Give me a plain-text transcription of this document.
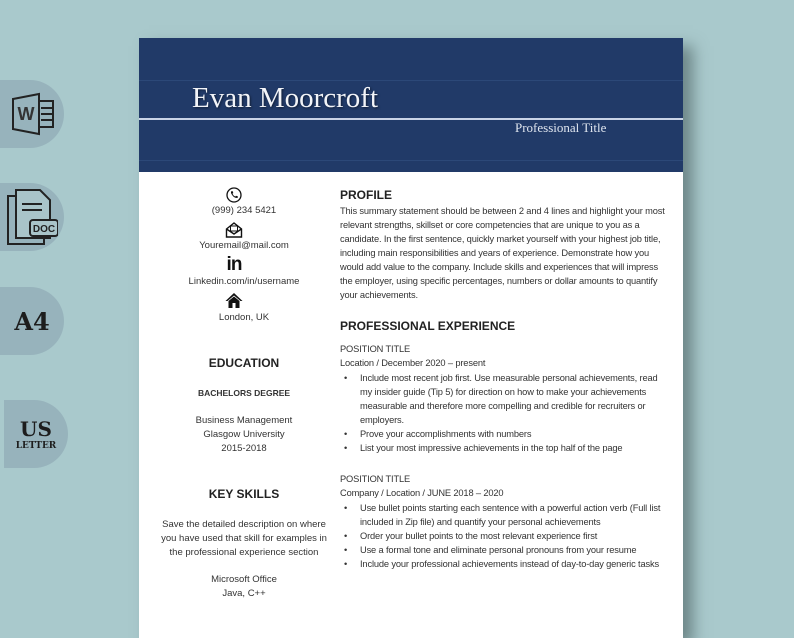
W
DOC
A4
US
LETTER
Evan Moorcroft
Professional Title
(999) 234 5421
Youremail@mail.com
in
Linkedin.com/in/username
London, UK
EDUCATION
BACHELORS DEGREE
Business Management
Glasgow University
2015-2018
KEY SKILLS
Save the detailed description on where you have used that skill for examples in the professional experience section
Microsoft Office
Java, C++
PROFILE
This summary statement should be between 2 and 4 lines and highlight your most relevant strengths, skillset or core competencies that are unique to you as a candidate. In the first sentence, quickly market yourself with your highest job title, including main responsibilities and years of experience. Demonstrate how you would add value to the company. Include skills and experiences that will impress the employer, using specific percentages, numbers or dollar amounts to quantify your achievements.
PROFESSIONAL EXPERIENCE
POSITION TITLE
Location / December 2020 – present
• Include most recent job first. Use measurable personal achievements, read my insider guide (Tip 5) for direction on how to make your achievements measurable and therefore more compelling and credible for recruiters or employers.
• Prove your accomplishments with numbers
• List your most impressive achievements in the top half of the page
POSITION TITLE
Company / Location / JUNE 2018 – 2020
• Use bullet points starting each sentence with a powerful action verb (Full list included in Zip file) and quantify your personal achievements
• Order your bullet points to the most relevant experience first
• Use a formal tone and eliminate personal pronouns from your resume
• Include your professional achievements instead of day-to-day generic tasks
